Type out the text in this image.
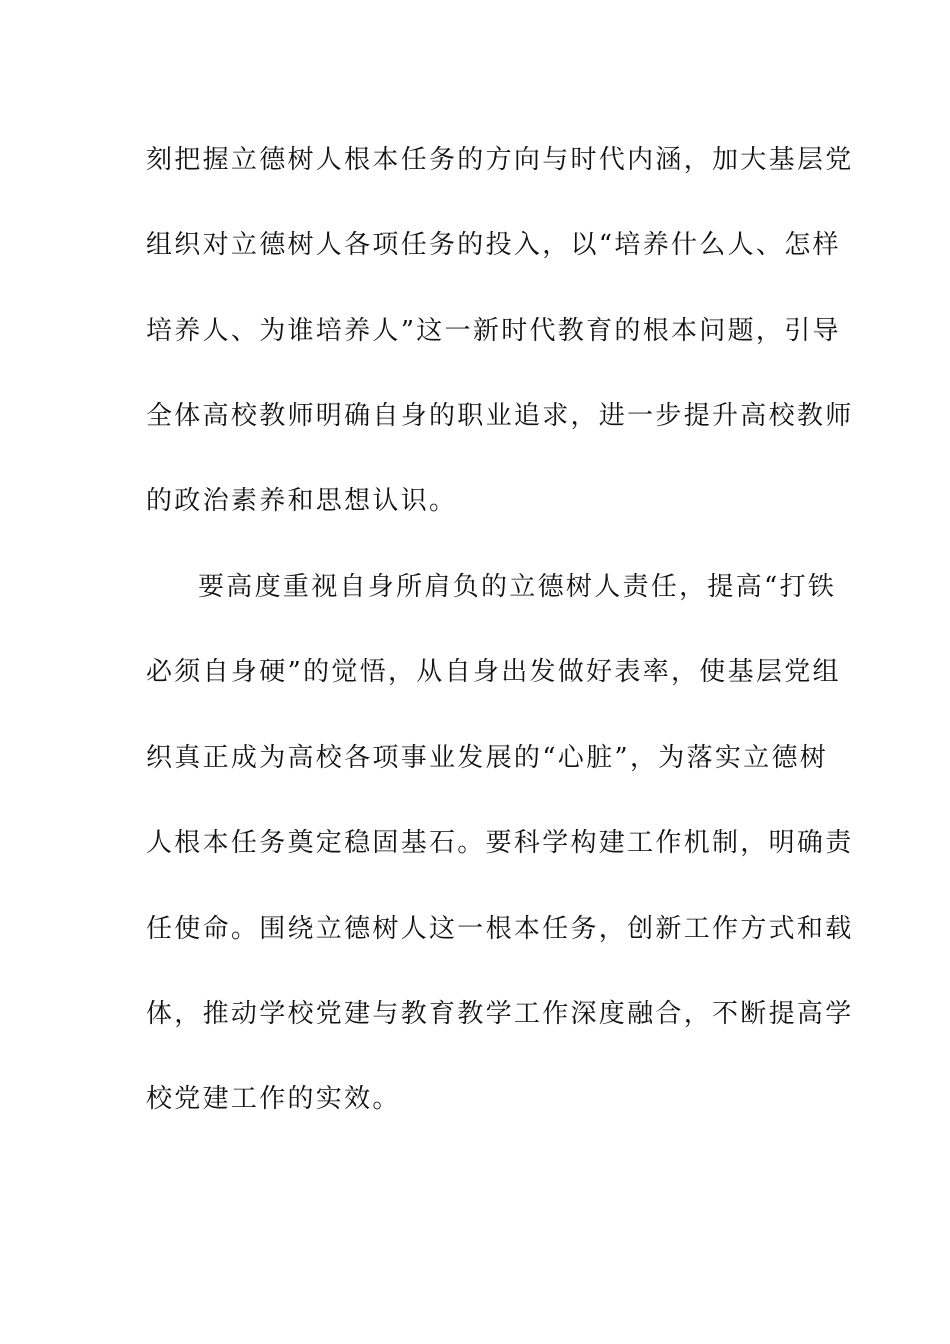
刻把握立德树人根本任务的方向与时代内涵，加大基层党
组织对立德树人各项任务的投入，以“培养什么人、怎样
培养人、为谁培养人”这一新时代教育的根本问题，引导
全体高校教师明确自身的职业追求，进一步提升高校教师
的政治素养和思想认识。
要高度重视自身所肩负的立德树人责任，提高“打铁
必须自身硬”的觉悟，从自身出发做好表率，使基层党组
织真正成为高校各项事业发展的“心脏”，为落实立德树
人根本任务奠定稳固基石。要科学构建工作机制，明确责
任使命。围绕立德树人这一根本任务，创新工作方式和载
体，推动学校党建与教育教学工作深度融合，不断提高学
校党建工作的实效。
